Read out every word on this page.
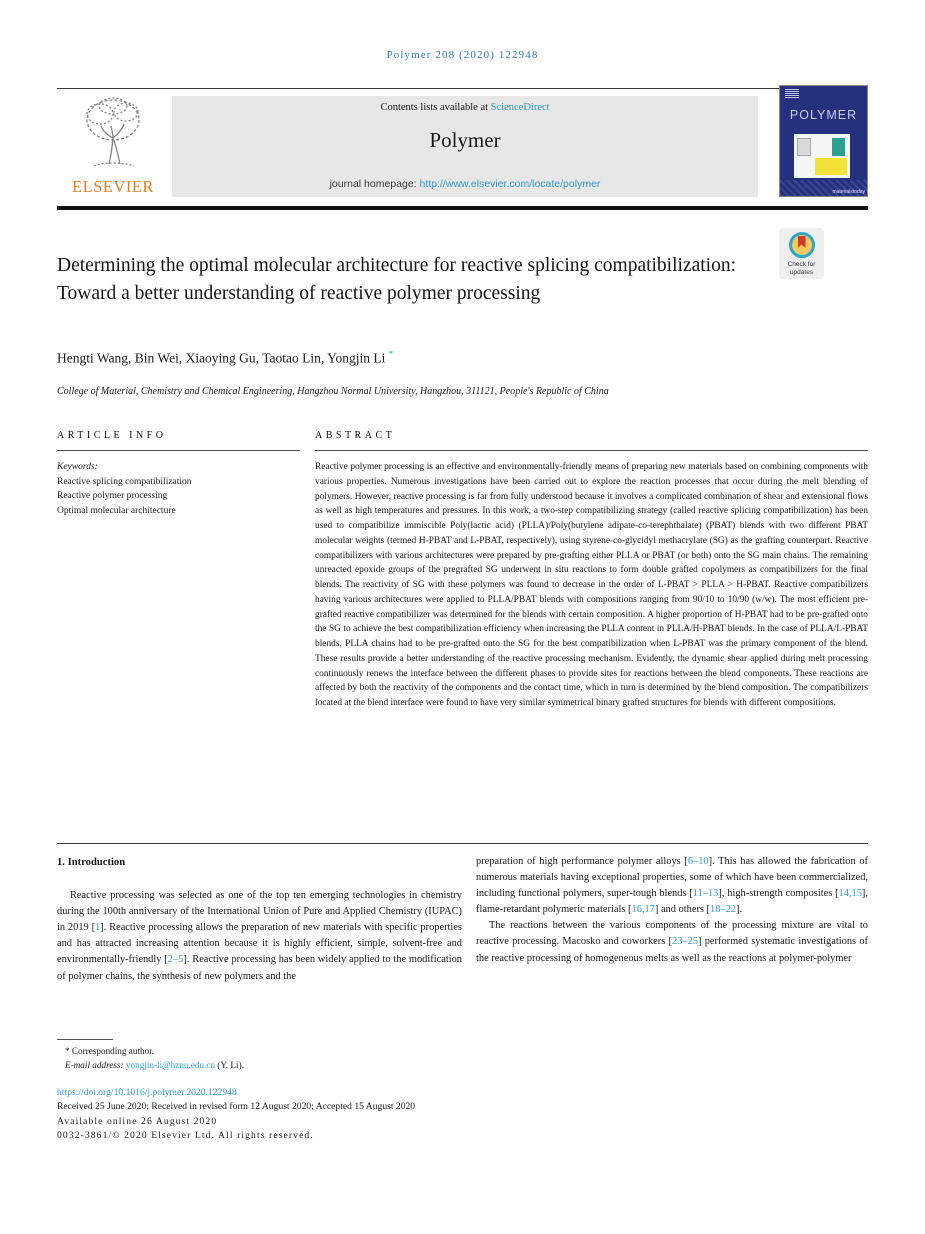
Polymer 208 (2020) 122948
ELSEVIER
Contents lists available at ScienceDirect
Polymer
journal homepage: http://www.elsevier.com/locate/polymer
POLYMER
materialstoday
Check for
updates
Determining the optimal molecular architecture for reactive splicing compatibilization: Toward a better understanding of reactive polymer processing
Hengti Wang, Bin Wei, Xiaoying Gu, Taotao Lin, Yongjin Li *
College of Material, Chemistry and Chemical Engineering, Hangzhou Normal University, Hangzhou, 311121, People's Republic of China
ARTICLE INFO
Keywords:
Reactive splicing compatibilization
Reactive polymer processing
Optimal molecular architecture
ABSTRACT
Reactive polymer processing is an effective and environmentally-friendly means of preparing new materials based on combining components with various properties. Numerous investigations have been carried out to explore the reaction processes that occur during the melt blending of polymers. However, reactive processing is far from fully understood because it involves a complicated combination of shear and extensional flows as well as high temperatures and pressures. In this work, a two-step compatibilizing strategy (called reactive splicing compatibilization) has been used to compatibilize immiscible Poly(lactic acid) (PLLA)/Poly(butylene adipate-co-terephthalate) (PBAT) blends with two different PBAT molecular weights (termed H-PBAT and L-PBAT, respectively), using styrene-co-glycidyl methacrylate (SG) as the grafting counterpart. Reactive compatibilizers with various architectures were prepared by pre-grafting either PLLA or PBAT (or both) onto the SG main chains. The remaining unreacted epoxide groups of the pregrafted SG underwent in situ reactions to form double grafted copolymers as compatibilizers for the final blends. The reactivity of SG with these polymers was found to decrease in the order of L-PBAT > PLLA > H-PBAT. Reactive compatibilizers having various architectures were applied to PLLA/PBAT blends with compositions ranging from 90/10 to 10/90 (w/w). The most efficient pre-grafted reactive compatibilizer was determined for the blends with certain composition. A higher proportion of H-PBAT had to be pre-grafted onto the SG to achieve the best compatibilization efficiency when increasing the PLLA content in PLLA/H-PBAT blends. In the case of PLLA/L-PBAT blends, PLLA chains had to be pre-grafted onto the SG for the best compatibilization when L-PBAT was the primary component of the blend. These results provide a better understanding of the reactive processing mechanism. Evidently, the dynamic shear applied during melt processing continuously renews the interface between the different phases to provide sites for reactions between the blend components. These reactions are affected by both the reactivity of the components and the contact time, which in turn is determined by the blend composition. The compatibilizers located at the blend interface were found to have very similar symmetrical binary grafted structures for blends with different compositions.
1. Introduction

Reactive processing was selected as one of the top ten emerging technologies in chemistry during the 100th anniversary of the International Union of Pure and Applied Chemistry (IUPAC) in 2019 [1]. Reactive processing allows the preparation of new materials with specific properties and has attracted increasing attention because it is highly efficient, simple, solvent-free and environmentally-friendly [2–5]. Reactive processing has been widely applied to the modification of polymer chains, the synthesis of new polymers and the

preparation of high performance polymer alloys [6–10]. This has allowed the fabrication of numerous materials having exceptional properties, some of which have been commercialized, including functional polymers, super-tough blends [11–13], high-strength composites [14,15], flame-retardant polymeric materials [16,17] and others [18–22].

The reactions between the various components of the processing mixture are vital to reactive processing. Macosko and coworkers [23–25] performed systematic investigations of the reactive processing of homogeneous melts as well as the reactions at polymer-polymer

* Corresponding author.
E-mail address: yongjin-li@hznu.edu.cn (Y. Li).
https://doi.org/10.1016/j.polymer.2020.122948
Received 25 June 2020; Received in revised form 12 August 2020; Accepted 15 August 2020
Available online 26 August 2020
0032-3861/© 2020 Elsevier Ltd. All rights reserved.
